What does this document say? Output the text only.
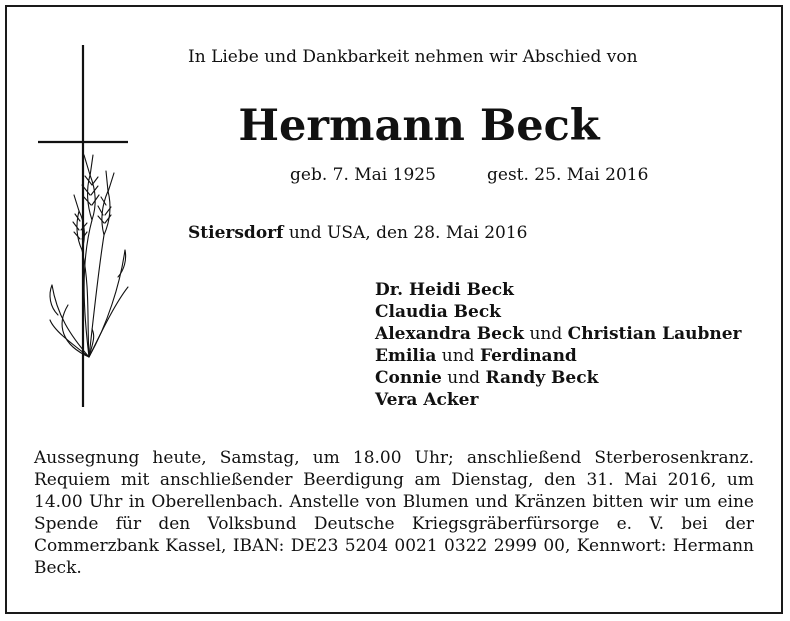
In Liebe und Dankbarkeit nehmen wir Abschied von
Hermann Beck
geb. 7. Mai 1925	gest. 25. Mai 2016
Stiersdorf und USA, den 28. Mai 2016
Dr. Heidi Beck
Claudia Beck
Alexandra Beck und Christian Laubner
Emilia und Ferdinand
Connie und Randy Beck
Vera Acker
Aussegnung heute, Samstag, um 18.00 Uhr; anschließend Sterberosenkranz. Requiem mit anschließender Beerdigung am Dienstag, den 31. Mai 2016, um 14.00 Uhr in Oberellenbach. Anstelle von Blumen und Kränzen bitten wir um eine Spende für den Volksbund Deutsche Kriegsgräberfürsorge e. V. bei der Commerzbank Kassel, IBAN: DE23 5204 0021 0322 2999 00, Kennwort: Hermann Beck.
